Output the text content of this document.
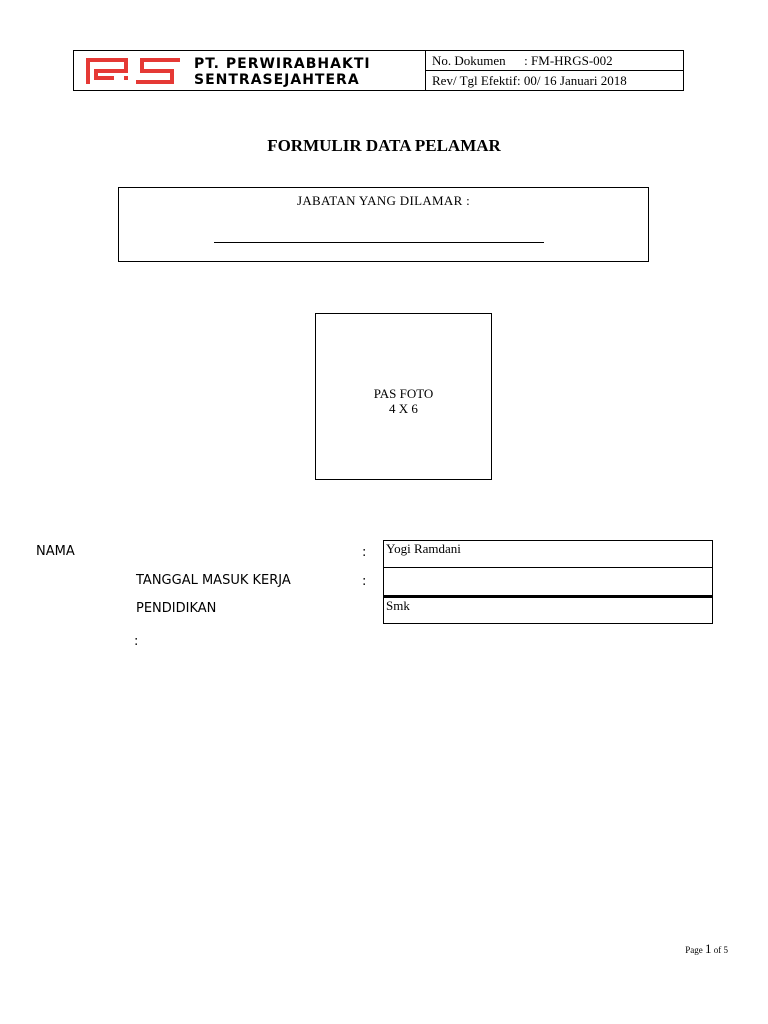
PT. PERWIRABHAKTI
SENTRASEJAHTERA
No. Dokumen : FM-HRGS-002
Rev/ Tgl Efektif: 00/ 16 Januari 2018
FORMULIR DATA PELAMAR
JABATAN YANG DILAMAR :
PAS FOTO
4 X 6
NAMA	: Yogi Ramdani
TANGGAL MASUK KERJA	:
PENDIDIKAN
:
Smk
Page 1 of 5
